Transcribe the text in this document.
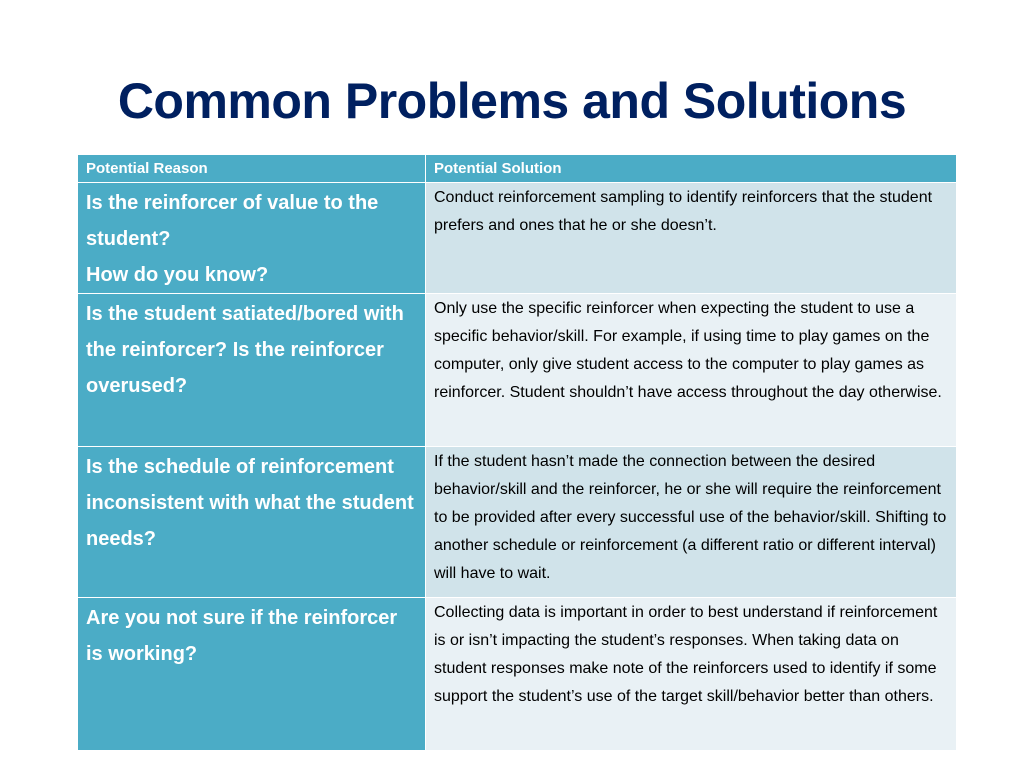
Common Problems and Solutions
Potential Reason	Potential Solution

Is the reinforcer of value to the student?
How do you know?	Conduct reinforcement sampling to identify reinforcers that the student prefers and ones that he or she doesn’t.

Is the student satiated/bored with the reinforcer? Is the reinforcer overused?	Only use the specific reinforcer when expecting the student to use a specific behavior/skill. For example, if using time to play games on the computer, only give student access to the computer to play games as reinforcer. Student shouldn’t have access throughout the day otherwise.

Is the schedule of reinforcement inconsistent with what the student needs?	If the student hasn’t made the connection between the desired behavior/skill and the reinforcer, he or she will require the reinforcement to be provided after every successful use of the behavior/skill. Shifting to another schedule or reinforcement (a different ratio or different interval) will have to wait.

Are you not sure if the reinforcer is working?	Collecting data is important in order to best understand if reinforcement is or isn’t impacting the student’s responses. When taking data on student responses make note of the reinforcers used to identify if some support the student’s use of the target skill/behavior better than others.
